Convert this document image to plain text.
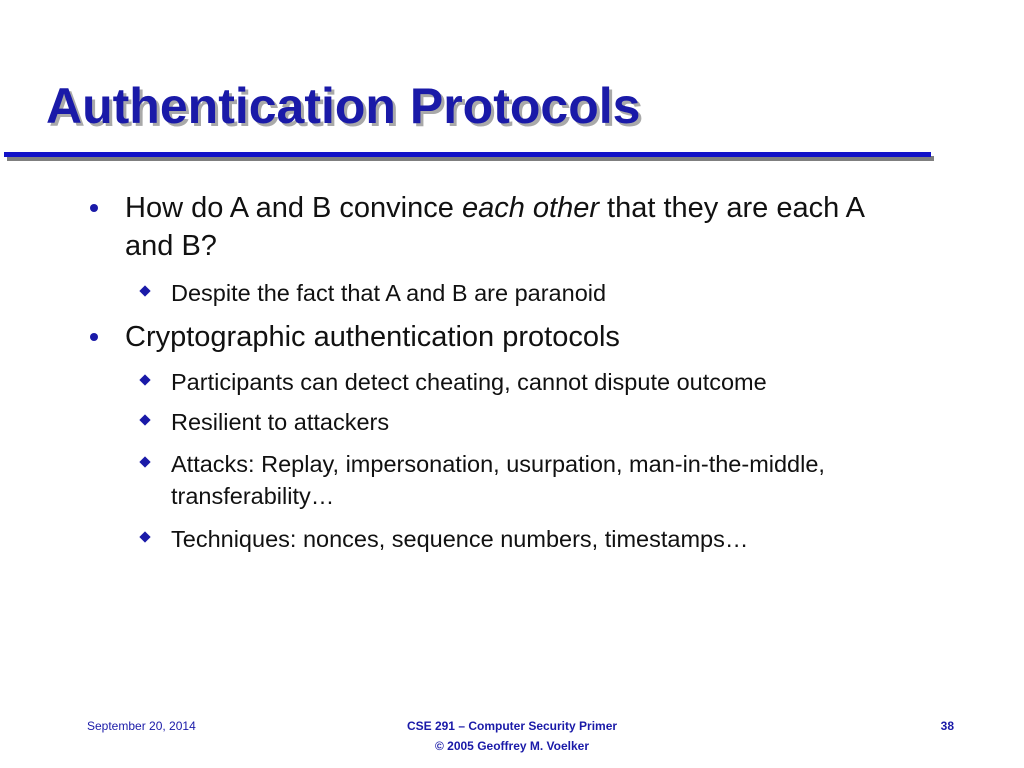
Authentication Protocols
How do A and B convince each other that they are each A and B?
Despite the fact that A and B are paranoid
Cryptographic authentication protocols
Participants can detect cheating, cannot dispute outcome
Resilient to attackers
Attacks: Replay, impersonation, usurpation, man-in-the-middle, transferability…
Techniques: nonces, sequence numbers, timestamps…
September 20, 2014	CSE 291 – Computer Security Primer
© 2005 Geoffrey M. Voelker
38
